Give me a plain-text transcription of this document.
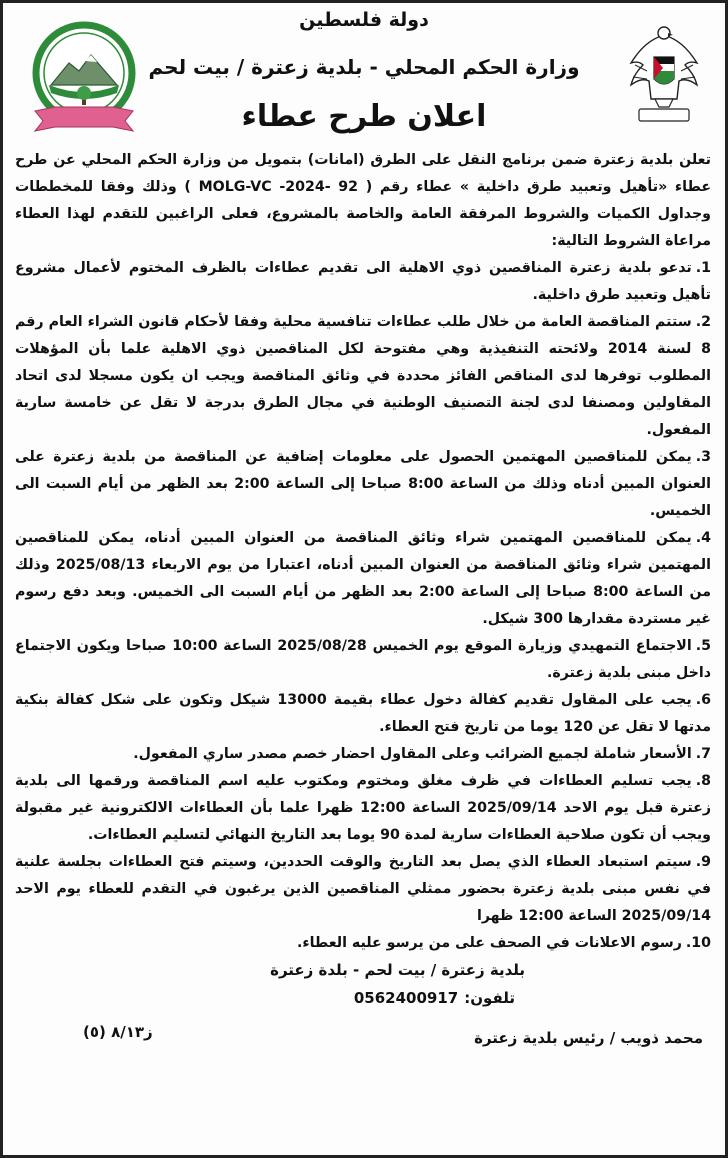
دولة فلسطين
وزارة الحكم المحلي - بلدية زعترة / بيت لحم
اعلان طرح عطاء

تعلن بلدية زعترة ضمن برنامج النقل على الطرق (امانات) بتمويل من وزارة الحكم المحلي عن طرح عطاء «تأهيل وتعبيد طرق داخلية » عطاء رقم ( MOLG-VC -2024- 92 ) وذلك وفقا للمخططات وجداول الكميات والشروط المرفقة العامة والخاصة بالمشروع، فعلى الراغبين للتقدم لهذا العطاء مراعاة الشروط التالية:

1.تدعو بلدية زعترة المناقصين ذوي الاهلية الى تقديم عطاءات بالظرف المختوم لأعمال مشروع تأهيل وتعبيد طرق داخلية.

2.ستتم المناقصة العامة من خلال طلب عطاءات تنافسية محلية وفقا لأحكام قانون الشراء العام رقم 8 لسنة 2014 ولائحته التنفيذية وهي مفتوحة لكل المناقصين ذوي الاهلية علما بأن المؤهلات المطلوب توفرها لدى المناقص الفائز محددة في وثائق المناقصة ويجب ان يكون مسجلا لدى اتحاد المقاولين ومصنفا لدى لجنة التصنيف الوطنية في مجال الطرق بدرجة لا تقل عن خامسة سارية المفعول.

3.يمكن للمناقصين المهتمين الحصول على معلومات إضافية عن المناقصة من بلدية زعترة على العنوان المبين أدناه وذلك من الساعة 8:00 صباحا إلى الساعة 2:00 بعد الظهر من أيام السبت الى الخميس.

4.يمكن للمناقصين المهتمين شراء وثائق المناقصة من العنوان المبين أدناه، يمكن للمناقصين المهتمين شراء وثائق المناقصة من العنوان المبين أدناه، اعتبارا من يوم الاربعاء 2025/08/13 وذلك من الساعة 8:00 صباحا إلى الساعة 2:00 بعد الظهر من أيام السبت الى الخميس. وبعد دفع رسوم غير مستردة مقدارها 300 شيكل.

5.الاجتماع التمهيدي وزيارة الموقع يوم الخميس 2025/08/28 الساعة 10:00 صباحا ويكون الاجتماع داخل مبنى بلدية زعترة.

6.يجب على المقاول تقديم كفالة دخول عطاء بقيمة 13000 شيكل وتكون على شكل كفالة بنكية مدتها لا تقل عن 120 يوما من تاريخ فتح العطاء.

7.الأسعار شاملة لجميع الضرائب وعلى المقاول احضار خصم مصدر ساري المفعول.

8.يجب تسليم العطاءات في ظرف مغلق ومختوم ومكتوب عليه اسم المناقصة ورقمها الى بلدية زعترة قبل يوم الاحد 2025/09/14 الساعة 12:00 ظهرا علما بأن العطاءات الالكترونية غير مقبولة ويجب أن تكون صلاحية العطاءات سارية لمدة 90 يوما بعد التاريخ النهائي لتسليم العطاءات.

9.سيتم استبعاد العطاء الذي يصل بعد التاريخ والوقت الحددين، وسيتم فتح العطاءات بجلسة علنية في نفس مبنى بلدية زعترة بحضور ممثلي المناقصين الذين يرغبون في التقدم للعطاء يوم الاحد 2025/09/14 الساعة 12:00 ظهرا

10.رسوم الاعلانات في الصحف على من يرسو عليه العطاء.

بلدية زعترة / بيت لحم - بلدة زعترة
تلفون:0562400917
محمد ذويب / رئيس بلدية زعترة
ز٨/١٣ (٥)
